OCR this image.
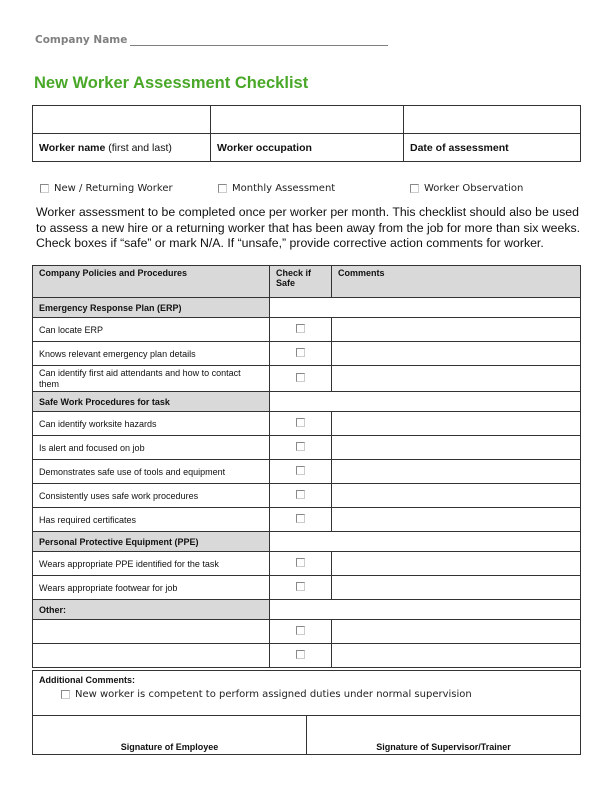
Company Name
New Worker Assessment Checklist

Worker name (first and last)	Worker occupation	Date of assessment
New / Returning Worker	Monthly Assessment	Worker Observation

Worker assessment to be completed once per worker per month. This checklist should also be used to assess a new hire or a returning worker that has been away from the job for more than six weeks. Check boxes if “safe” or mark N/A. If “unsafe,” provide corrective action comments for worker.

Company Policies and Procedures	Check if Safe	Comments
Emergency Response Plan (ERP)		
Can locate ERP		
Knows relevant emergency plan details		
Can identify first aid attendants and how to contact them		
Safe Work Procedures for task		
Can identify worksite hazards		
Is alert and focused on job		
Demonstrates safe use of tools and equipment		
Consistently uses safe work procedures		
Has required certificates		
Personal Protective Equipment (PPE)		
Wears appropriate PPE identified for the task		
Wears appropriate footwear for job		
Other:		

Additional Comments:
New worker is competent to perform assigned duties under normal supervision

Signature of Employee	Signature of Supervisor/Trainer
